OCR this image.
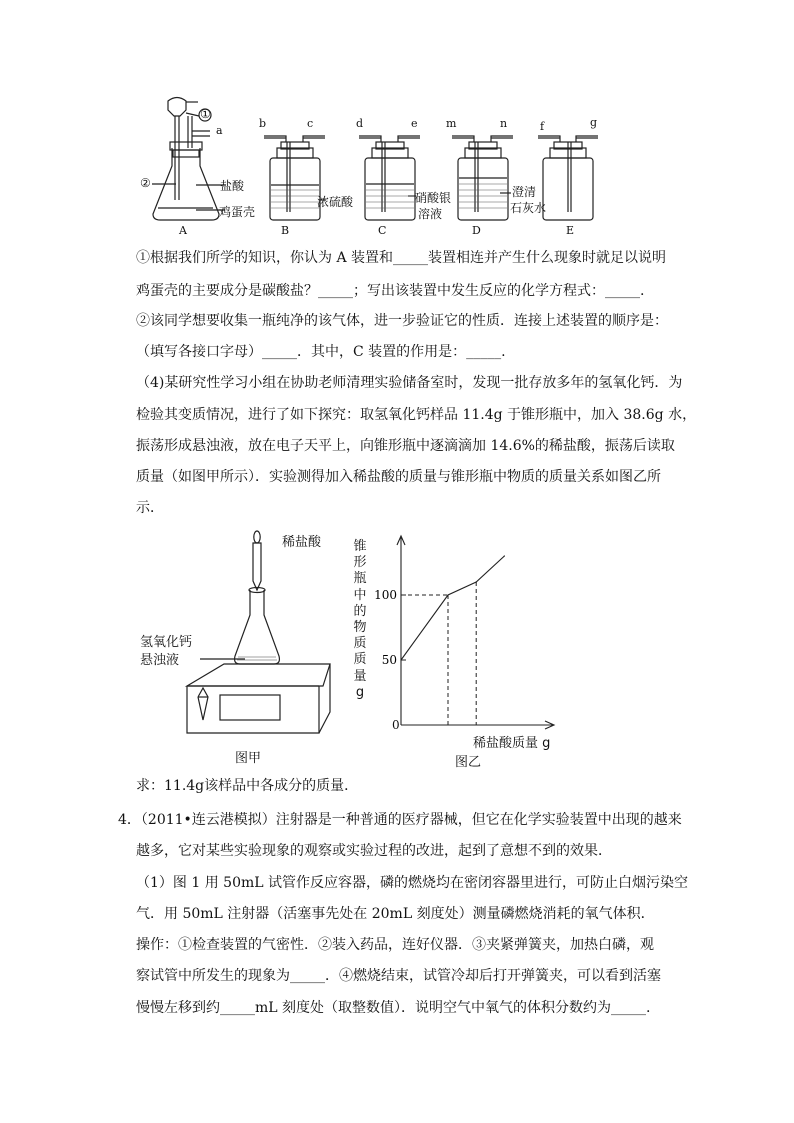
①
②
a
b	c	d	e	m	n	f	g
盐酸
鸡蛋壳
浓硫酸	硝酸银
溶液
澄清
石灰水
A	B	C	D	E
①根据我们所学的知识，你认为 A 装置和_____装置相连并产生什么现象时就足以说明
鸡蛋壳的主要成分是碳酸盐？_____；写出该装置中发生反应的化学方程式：_____.
②该同学想要收集一瓶纯净的该气体，进一步验证它的性质．连接上述装置的顺序是：
（填写各接口字母）_____．其中，C 装置的作用是：_____.
（4)某研究性学习小组在协助老师清理实验储备室时，发现一批存放多年的氢氧化钙．为
检验其变质情况，进行了如下探究：取氢氧化钙样品 11.4g 于锥形瓶中，加入 38.6g 水，
振荡形成悬浊液，放在电子天平上，向锥形瓶中逐滴滴加 14.6%的稀盐酸，振荡后读取
质量（如图甲所示）．实验测得加入稀盐酸的质量与锥形瓶中物质的质量关系如图乙所
示．
稀盐酸
氢氧化钙
悬浊液
图甲
锥
形
瓶
中
的
物
质
质
量
g
50
100
0
稀盐酸质量 g
图乙
求：11.4g该样品中各成分的质量．
4．（2011•连云港模拟）注射器是一种普通的医疗器械，但它在化学实验装置中出现的越来
越多，它对某些实验现象的观察或实验过程的改进，起到了意想不到的效果．
（1）图 1 用 50mL 试管作反应容器，磷的燃烧均在密闭容器里进行，可防止白烟污染空
气．用 50mL 注射器（活塞事先处在 20mL 刻度处）测量磷燃烧消耗的氧气体积．
操作：①检查装置的气密性．②装入药品，连好仪器．③夹紧弹簧夹，加热白磷，观
察试管中所发生的现象为_____．④燃烧结束，试管冷却后打开弹簧夹，可以看到活塞
慢慢左移到约_____mL 刻度处（取整数值）．说明空气中氧气的体积分数约为_____.
